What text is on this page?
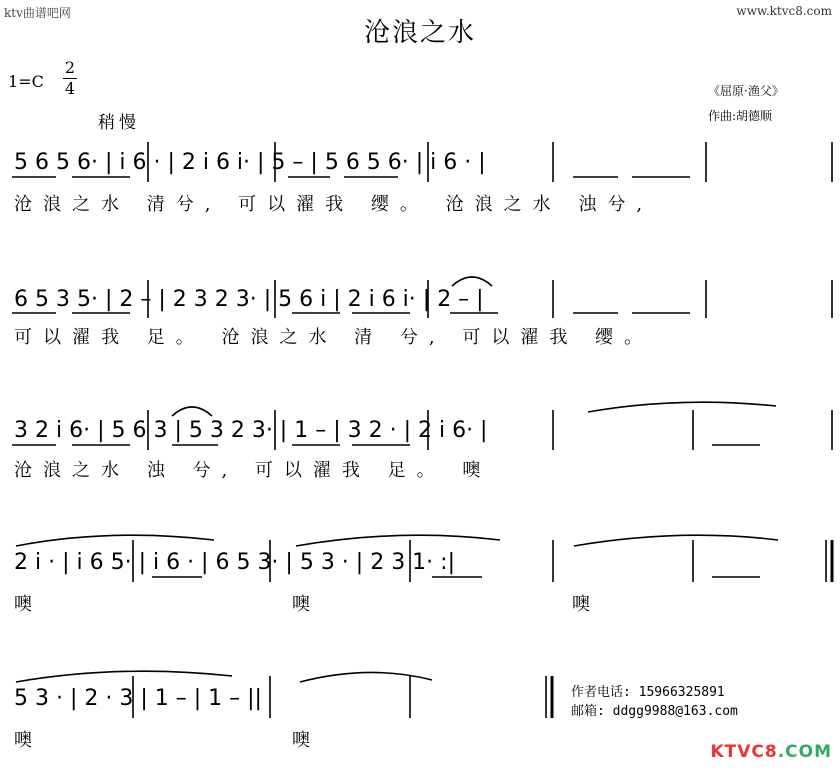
ktv曲谱吧网	www.ktvc8.com
沧浪之水
1=C
2
4
稍慢
《屈原·渔父》
作曲:胡德顺
5 6 5 6· | i 6 · | 2 i 6 i· | 5 – | 5 6 5 6· | i 6 · |
沧浪之水 清兮, 可以濯我 缨。 沧浪之水 浊兮,
6 5 3 5· | 2 – | 2 3 2 3· | 5 6 i | 2 i 6 i· | 2 – |
可以濯我 足。 沧浪之水 清 兮, 可以濯我 缨。
3 2 i 6· | 5 6 3 | 5 3 2 3· | 1 – | 3 2 · | 2 i 6· |
沧浪之水 浊 兮, 可以濯我 足。 噢
2 i · | i 6 5· | i 6 · | 6 5 3· | 5 3 · | 2 3 1· :|
噢	噢	噢
5 3 · | 2 · 3 | 1 – | 1 – ||
噢	噢
作者电话: 15966325891
邮箱: ddgg9988@163.com
KTVC8.COM
